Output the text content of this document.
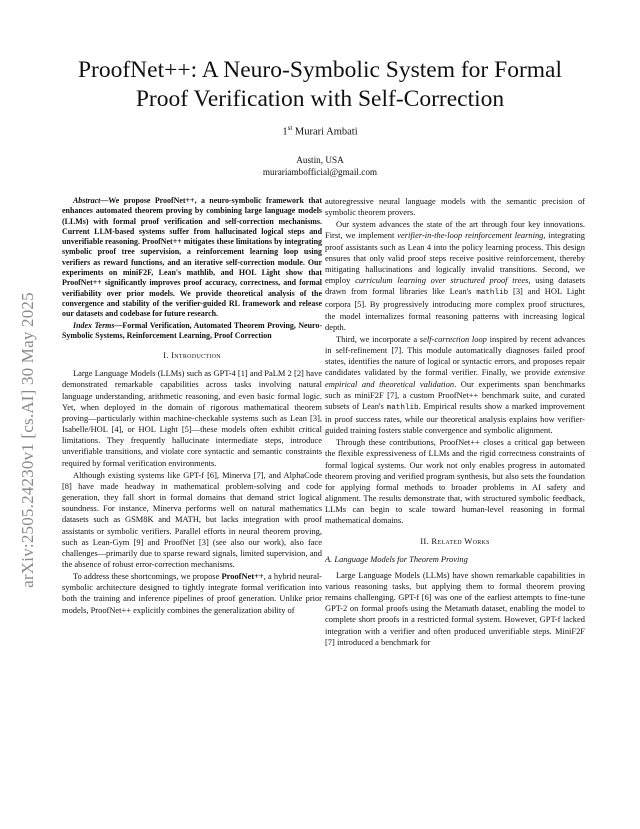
arXiv:2505.24230v1 [cs.AI] 30 May 2025
ProofNet++: A Neuro-Symbolic System for Formal
Proof Verification with Self-Correction
1st Murari Ambati
Austin, USA
murariambofficial@gmail.com

Abstract—We propose ProofNet++, a neuro-symbolic framework that enhances automated theorem proving by combining large language models (LLMs) with formal proof verification and self-correction mechanisms. Current LLM-based systems suffer from hallucinated logical steps and unverifiable reasoning. ProofNet++ mitigates these limitations by integrating symbolic proof tree supervision, a reinforcement learning loop using verifiers as reward functions, and an iterative self-correction module. Our experiments on miniF2F, Lean's mathlib, and HOL Light show that ProofNet++ significantly improves proof accuracy, correctness, and formal verifiability over prior models. We provide theoretical analysis of the convergence and stability of the verifier-guided RL framework and release our datasets and codebase for future research.

Index Terms—Formal Verification, Automated Theorem Proving, Neuro-Symbolic Systems, Reinforcement Learning, Proof Correction

I. Introduction

Large Language Models (LLMs) such as GPT-4 [1] and PaLM 2 [2] have demonstrated remarkable capabilities across tasks involving natural language understanding, arithmetic reasoning, and even basic formal logic. Yet, when deployed in the domain of rigorous mathematical theorem proving—particularly within machine-checkable systems such as Lean [3], Isabelle/HOL [4], or HOL Light [5]—these models often exhibit critical limitations. They frequently hallucinate intermediate steps, introduce unverifiable transitions, and violate core syntactic and semantic constraints required by formal verification environments.

Although existing systems like GPT-f [6], Minerva [7], and AlphaCode [8] have made headway in mathematical problem-solving and code generation, they fall short in formal domains that demand strict logical soundness. For instance, Minerva performs well on natural mathematics datasets such as GSM8K and MATH, but lacks integration with proof assistants or symbolic verifiers. Parallel efforts in neural theorem proving, such as Lean-Gym [9] and ProofNet [3] (see also our work), also face challenges—primarily due to sparse reward signals, limited supervision, and the absence of robust error-correction mechanisms.

To address these shortcomings, we propose ProofNet++, a hybrid neural-symbolic architecture designed to tightly integrate formal verification into both the training and inference pipelines of proof generation. Unlike prior models, ProofNet++ explicitly combines the generalization ability of

autoregressive neural language models with the semantic precision of symbolic theorem provers.

Our system advances the state of the art through four key innovations. First, we implement verifier-in-the-loop reinforcement learning, integrating proof assistants such as Lean 4 into the policy learning process. This design ensures that only valid proof steps receive positive reinforcement, thereby mitigating hallucinations and logically invalid transitions. Second, we employ curriculum learning over structured proof trees, using datasets drawn from formal libraries like Lean's mathlib [3] and HOL Light corpora [5]. By progressively introducing more complex proof structures, the model internalizes formal reasoning patterns with increasing logical depth.

Third, we incorporate a self-correction loop inspired by recent advances in self-refinement [7]. This module automatically diagnoses failed proof states, identifies the nature of logical or syntactic errors, and proposes repair candidates validated by the formal verifier. Finally, we provide extensive empirical and theoretical validation. Our experiments span benchmarks such as miniF2F [7], a custom ProofNet++ benchmark suite, and curated subsets of Lean's mathlib. Empirical results show a marked improvement in proof success rates, while our theoretical analysis explains how verifier-guided training fosters stable convergence and symbolic alignment.

Through these contributions, ProofNet++ closes a critical gap between the flexible expressiveness of LLMs and the rigid correctness constraints of formal logical systems. Our work not only enables progress in automated theorem proving and verified program synthesis, but also sets the foundation for applying formal methods to broader problems in AI safety and alignment. The results demonstrate that, with structured symbolic feedback, LLMs can begin to scale toward human-level reasoning in formal mathematical domains.

II. Related Works
A. Language Models for Theorem Proving

Large Language Models (LLMs) have shown remarkable capabilities in various reasoning tasks, but applying them to formal theorem proving remains challenging. GPT-f [6] was one of the earliest attempts to fine-tune GPT-2 on formal proofs using the Metamath dataset, enabling the model to complete short proofs in a restricted formal system. However, GPT-f lacked integration with a verifier and often produced unverifiable steps. MiniF2F [7] introduced a benchmark for
